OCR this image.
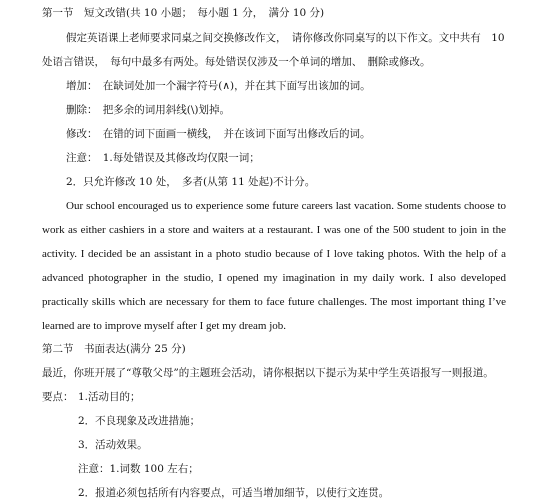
第一节　短文改错(共 10 小题；　每小题 1 分，　满分 10 分)
假定英语课上老师要求同桌之间交换修改作文，　请你修改你同桌写的以下作文。文中共有　10
处语言错误，　每句中最多有两处。每处错误仅涉及一个单词的增加、　删除或修改。
增加：　在缺词处加一个漏字符号(∧)，并在其下面写出该加的词。
删除：　把多余的词用斜线(\)划掉。
修改：　在错的词下面画一横线，　并在该词下面写出修改后的词。
注意：　1.每处错误及其修改均仅限一词；
2．只允许修改 10 处，　多者(从第 11 处起)不计分。
Our school encouraged us to experience some future careers last vacation. Some students choose to
work as either cashiers in a store and waiters at a restaurant. I was one of the 500 student to join in the
activity. I decided be an assistant in a photo studio because of I love taking photos. With the help of a
advanced photographer in the studio, I opened my imagination in my daily work. I also developed
practically skills which are necessary for them to face future challenges. The most important thing I’ve
learned are to improve myself after I get my dream job.
第二节　书面表达(满分 25 分)
最近，你班开展了“尊敬父母”的主题班会活动，请你根据以下提示为某中学生英语报写一则报道。
要点： 1.活动目的；
2．不良现象及改进措施；
3．活动效果。
注意：1.词数 100 左右；
2．报道必须包括所有内容要点，可适当增加细节，以使行文连贯。
